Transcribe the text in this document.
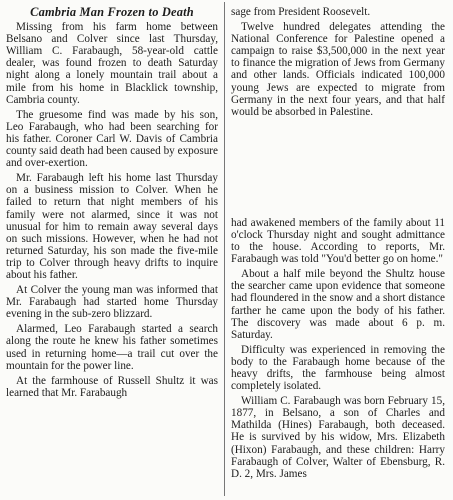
Cambria Man Frozen to Death

Missing from his farm home between Belsano and Colver since last Thursday, William C. Farabaugh, 58-year-old cattle dealer, was found frozen to death Saturday night along a lonely mountain trail about a mile from his home in Blacklick township, Cambria county.

The gruesome find was made by his son, Leo Farabaugh, who had been searching for his father. Coroner Carl W. Davis of Cambria county said death had been caused by exposure and over-exertion.

Mr. Farabaugh left his home last Thursday on a business mission to Colver. When he failed to return that night members of his family were not alarmed, since it was not unusual for him to remain away several days on such missions. However, when he had not returned Saturday, his son made the five-mile trip to Colver through heavy drifts to inquire about his father.

At Colver the young man was informed that Mr. Farabaugh had started home Thursday evening in the sub-zero blizzard.

Alarmed, Leo Farabaugh started a search along the route he knew his father sometimes used in returning home—a trail cut over the mountain for the power line.

At the farmhouse of Russell Shultz it was learned that Mr. Farabaugh

sage from President Roosevelt.

Twelve hundred delegates attending the National Conference for Palestine opened a campaign to raise $3,500,000 in the next year to finance the migration of Jews from Germany and other lands. Officials indicated 100,000 young Jews are expected to migrate from Germany in the next four years, and that half would be absorbed in Palestine.

had awakened members of the family about 11 o'clock Thursday night and sought admittance to the house. According to reports, Mr. Farabaugh was told "You'd better go on home."

About a half mile beyond the Shultz house the searcher came upon evidence that someone had floundered in the snow and a short distance farther he came upon the body of his father. The discovery was made about 6 p. m. Saturday.

Difficulty was experienced in removing the body to the Farabaugh home because of the heavy drifts, the farmhouse being almost completely isolated.

William C. Farabaugh was born February 15, 1877, in Belsano, a son of Charles and Mathilda (Hines) Farabaugh, both deceased. He is survived by his widow, Mrs. Elizabeth (Hixon) Farabaugh, and these children: Harry Farabaugh of Colver, Walter of Ebensburg, R. D. 2, Mrs. James
